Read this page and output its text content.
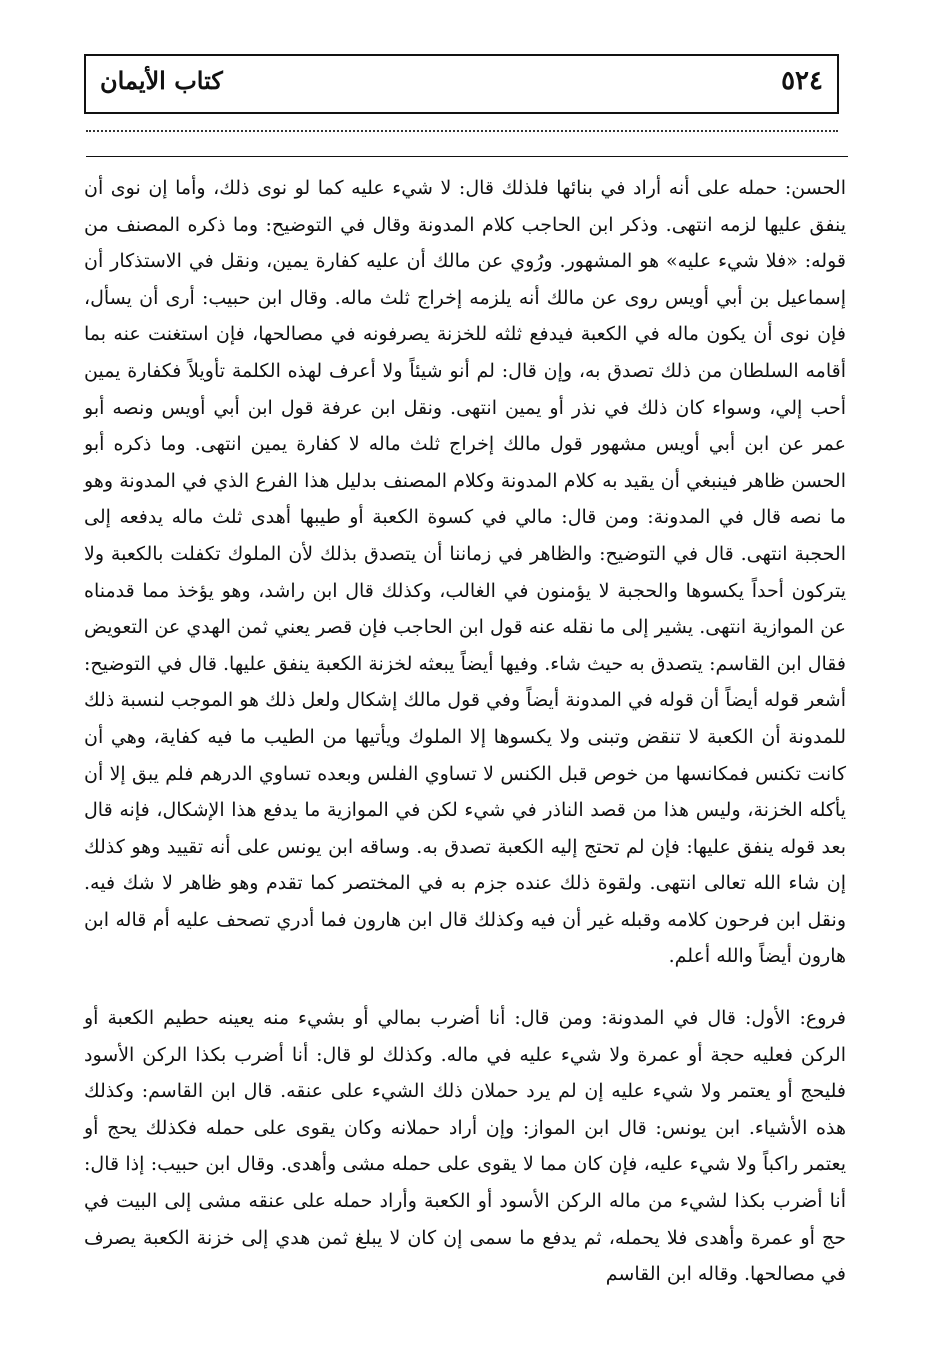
٥٢٤
كتاب الأيمان

الحسن: حمله على أنه أراد في بنائها فلذلك قال: لا شيء عليه كما لو نوى ذلك، وأما إن نوى أن ينفق عليها لزمه انتهى. وذكر ابن الحاجب كلام المدونة وقال في التوضيح: وما ذكره المصنف من قوله: «فلا شيء عليه» هو المشهور. ورُوي عن مالك أن عليه كفارة يمين، ونقل في الاستذكار أن إسماعيل بن أبي أويس روى عن مالك أنه يلزمه إخراج ثلث ماله. وقال ابن حبيب: أرى أن يسأل، فإن نوى أن يكون ماله في الكعبة فيدفع ثلثه للخزنة يصرفونه في مصالحها، فإن استغنت عنه بما أقامه السلطان من ذلك تصدق به، وإن قال: لم أنو شيئاً ولا أعرف لهذه الكلمة تأويلاً فكفارة يمين أحب إلي، وسواء كان ذلك في نذر أو يمين انتهى. ونقل ابن عرفة قول ابن أبي أويس ونصه أبو عمر عن ابن أبي أويس مشهور قول مالك إخراج ثلث ماله لا كفارة يمين انتهى. وما ذكره أبو الحسن ظاهر فينبغي أن يقيد به كلام المدونة وكلام المصنف بدليل هذا الفرع الذي في المدونة وهو ما نصه قال في المدونة: ومن قال: مالي في كسوة الكعبة أو طيبها أهدى ثلث ماله يدفعه إلى الحجبة انتهى. قال في التوضيح: والظاهر في زماننا أن يتصدق بذلك لأن الملوك تكفلت بالكعبة ولا يتركون أحداً يكسوها والحجبة لا يؤمنون في الغالب، وكذلك قال ابن راشد، وهو يؤخذ مما قدمناه عن الموازية انتهى. يشير إلى ما نقله عنه قول ابن الحاجب فإن قصر يعني ثمن الهدي عن التعويض فقال ابن القاسم: يتصدق به حيث شاء. وفيها أيضاً يبعثه لخزنة الكعبة ينفق عليها. قال في التوضيح: أشعر قوله أيضاً أن قوله في المدونة أيضاً وفي قول مالك إشكال ولعل ذلك هو الموجب لنسبة ذلك للمدونة أن الكعبة لا تنقض وتبنى ولا يكسوها إلا الملوك ويأتيها من الطيب ما فيه كفاية، وهي أن كانت تكنس فمكانسها من خوص قبل الكنس لا تساوي الفلس وبعده تساوي الدرهم فلم يبق إلا أن يأكله الخزنة، وليس هذا من قصد الناذر في شيء لكن في الموازية ما يدفع هذا الإشكال، فإنه قال بعد قوله ينفق عليها: فإن لم تحتج إليه الكعبة تصدق به. وساقه ابن يونس على أنه تقييد وهو كذلك إن شاء الله تعالى انتهى. ولقوة ذلك عنده جزم به في المختصر كما تقدم وهو ظاهر لا شك فيه. ونقل ابن فرحون كلامه وقبله غير أن فيه وكذلك قال ابن هارون فما أدري تصحف عليه أم قاله ابن هارون أيضاً والله أعلم.

فروع: الأول: قال في المدونة: ومن قال: أنا أضرب بمالي أو بشيء منه يعينه حطيم الكعبة أو الركن فعليه حجة أو عمرة ولا شيء عليه في ماله. وكذلك لو قال: أنا أضرب بكذا الركن الأسود فليحج أو يعتمر ولا شيء عليه إن لم يرد حملان ذلك الشيء على عنقه. قال ابن القاسم: وكذلك هذه الأشياء. ابن يونس: قال ابن المواز: وإن أراد حملانه وكان يقوى على حمله فكذلك يحج أو يعتمر راكباً ولا شيء عليه، فإن كان مما لا يقوى على حمله مشى وأهدى. وقال ابن حبيب: إذا قال: أنا أضرب بكذا لشيء من ماله الركن الأسود أو الكعبة وأراد حمله على عنقه مشى إلى البيت في حج أو عمرة وأهدى فلا يحمله، ثم يدفع ما سمى إن كان لا يبلغ ثمن هدي إلى خزنة الكعبة يصرف في مصالحها. وقاله ابن القاسم
